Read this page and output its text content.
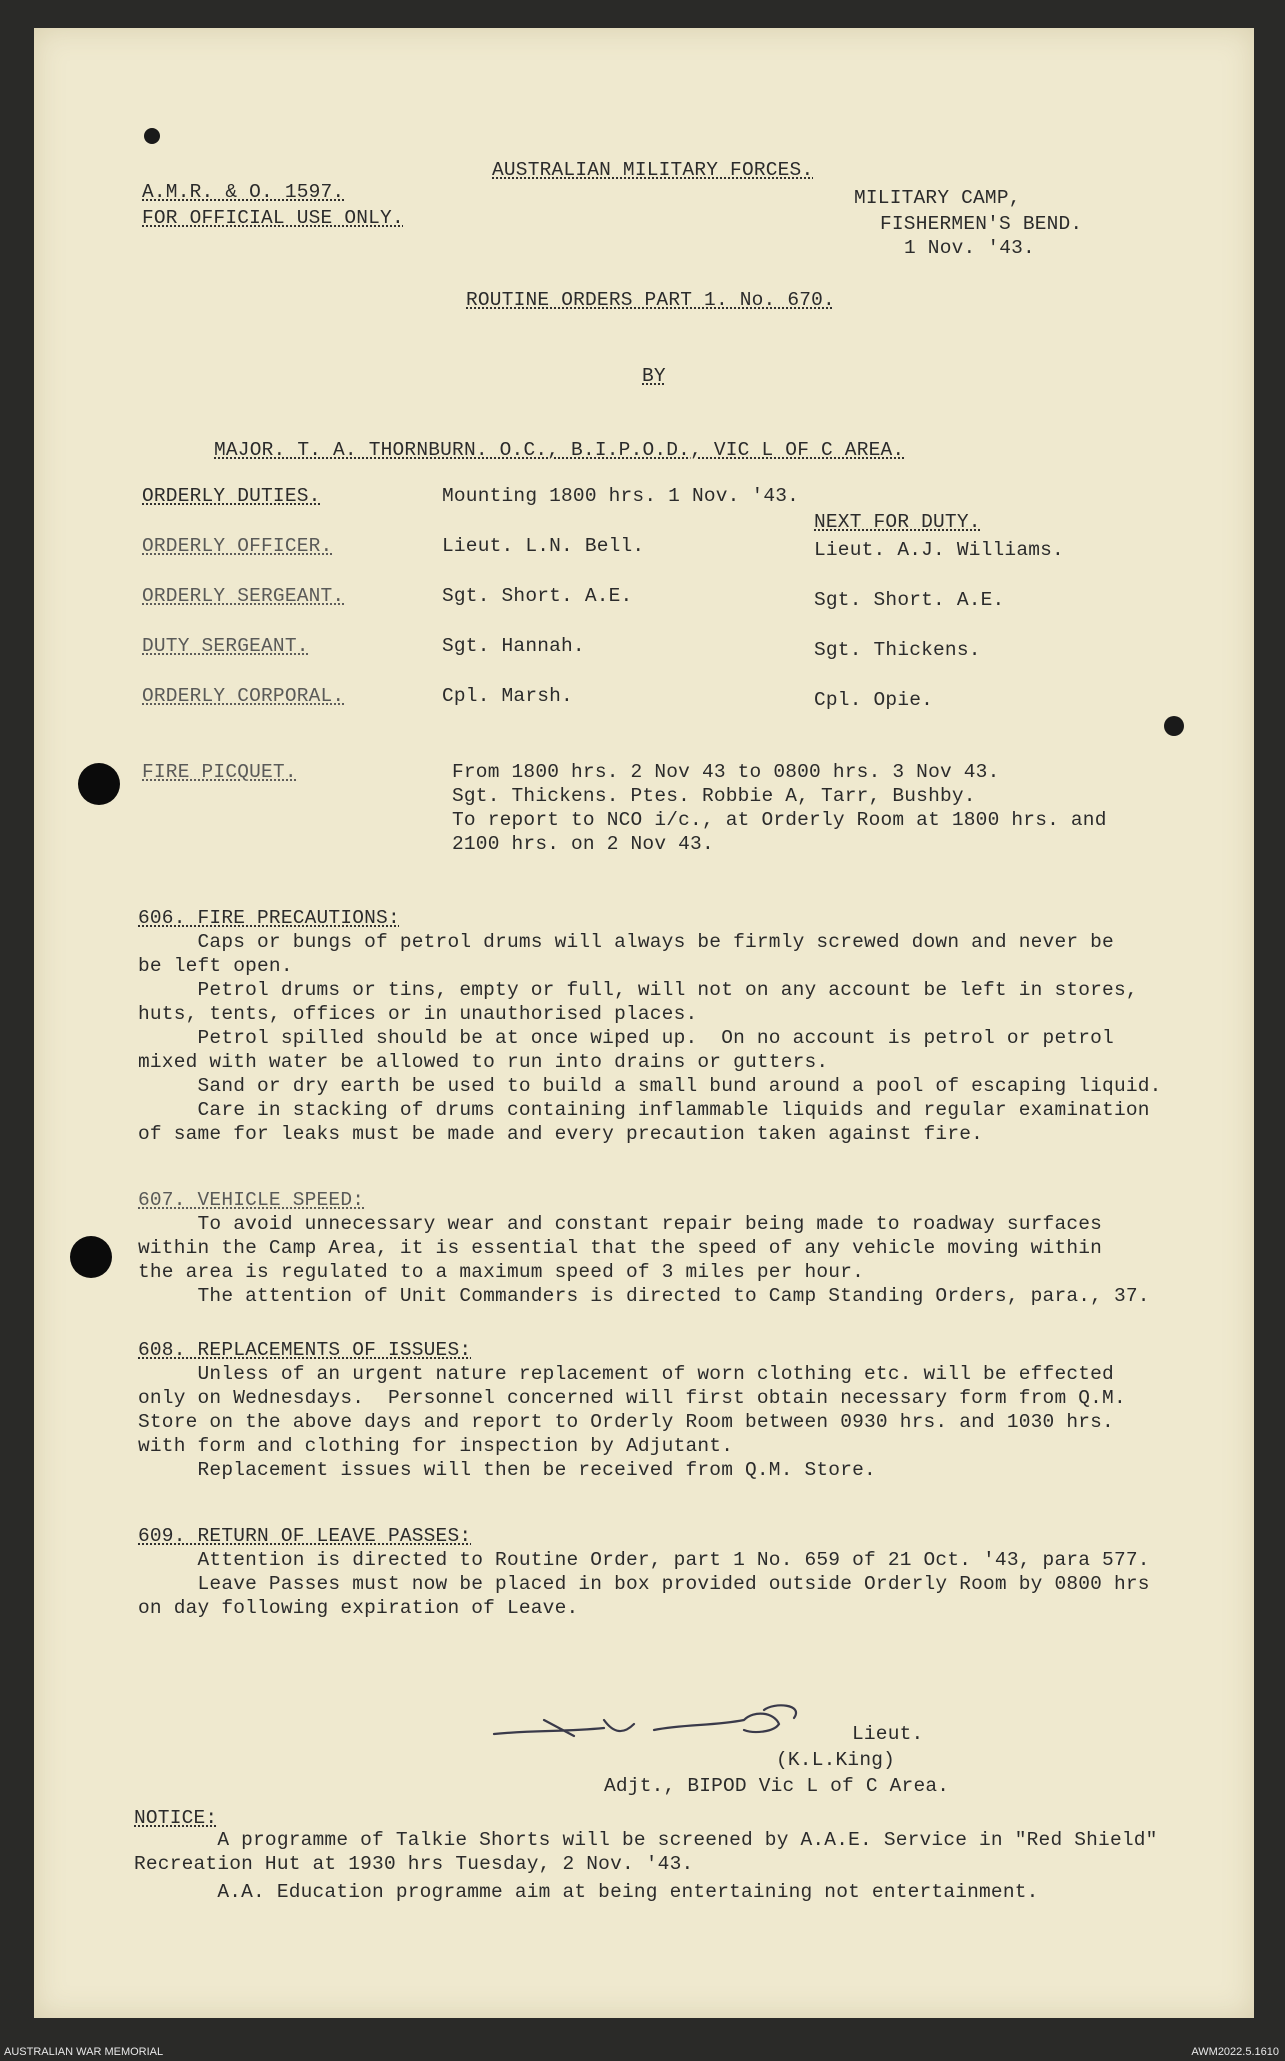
A.M.R. & O. 1597.
FOR OFFICIAL USE ONLY.
AUSTRALIAN MILITARY FORCES.
MILITARY CAMP,
FISHERMEN'S BEND.
1 Nov. '43.
ROUTINE ORDERS PART 1. No. 670.
BY
MAJOR. T. A. THORNBURN. O.C., B.I.P.O.D., VIC L OF C AREA.
ORDERLY DUTIES.	Mounting 1800 hrs. 1 Nov. '43.
NEXT FOR DUTY.
ORDERLY OFFICER.	Lieut. L.N. Bell.	Lieut. A.J. Williams.
ORDERLY SERGEANT.	Sgt. Short. A.E.	Sgt. Short. A.E.
DUTY SERGEANT.	Sgt. Hannah.	Sgt. Thickens.
ORDERLY CORPORAL.	Cpl. Marsh.	Cpl. Opie.
FIRE PICQUET.	From 1800 hrs. 2 Nov 43 to 0800 hrs. 3 Nov 43.
Sgt. Thickens. Ptes. Robbie A, Tarr, Bushby.
To report to NCO i/c., at Orderly Room at 1800 hrs. and
2100 hrs. on 2 Nov 43.
606. FIRE PRECAUTIONS:
Caps or bungs of petrol drums will always be firmly screwed down and never be
be left open.
Petrol drums or tins, empty or full, will not on any account be left in stores,
huts, tents, offices or in unauthorised places.
Petrol spilled should be at once wiped up.  On no account is petrol or petrol
mixed with water be allowed to run into drains or gutters.
Sand or dry earth be used to build a small bund around a pool of escaping liquid.
Care in stacking of drums containing inflammable liquids and regular examination
of same for leaks must be made and every precaution taken against fire.
607. VEHICLE SPEED:
To avoid unnecessary wear and constant repair being made to roadway surfaces
within the Camp Area, it is essential that the speed of any vehicle moving within
the area is regulated to a maximum speed of 3 miles per hour.
The attention of Unit Commanders is directed to Camp Standing Orders, para., 37.
608. REPLACEMENTS OF ISSUES:
Unless of an urgent nature replacement of worn clothing etc. will be effected
only on Wednesdays.  Personnel concerned will first obtain necessary form from Q.M.
Store on the above days and report to Orderly Room between 0930 hrs. and 1030 hrs.
with form and clothing for inspection by Adjutant.
Replacement issues will then be received from Q.M. Store.
609. RETURN OF LEAVE PASSES:
Attention is directed to Routine Order, part 1 No. 659 of 21 Oct. '43, para 577.
Leave Passes must now be placed in box provided outside Orderly Room by 0800 hrs
on day following expiration of Leave.
Lieut.
(K.L.King)
Adjt., BIPOD Vic L of C Area.
NOTICE:
A programme of Talkie Shorts will be screened by A.A.E. Service in "Red Shield"
Recreation Hut at 1930 hrs Tuesday, 2 Nov. '43.
A.A. Education programme aim at being entertaining not entertainment.
AUSTRALIAN WAR MEMORIAL	AWM2022.5.1610
